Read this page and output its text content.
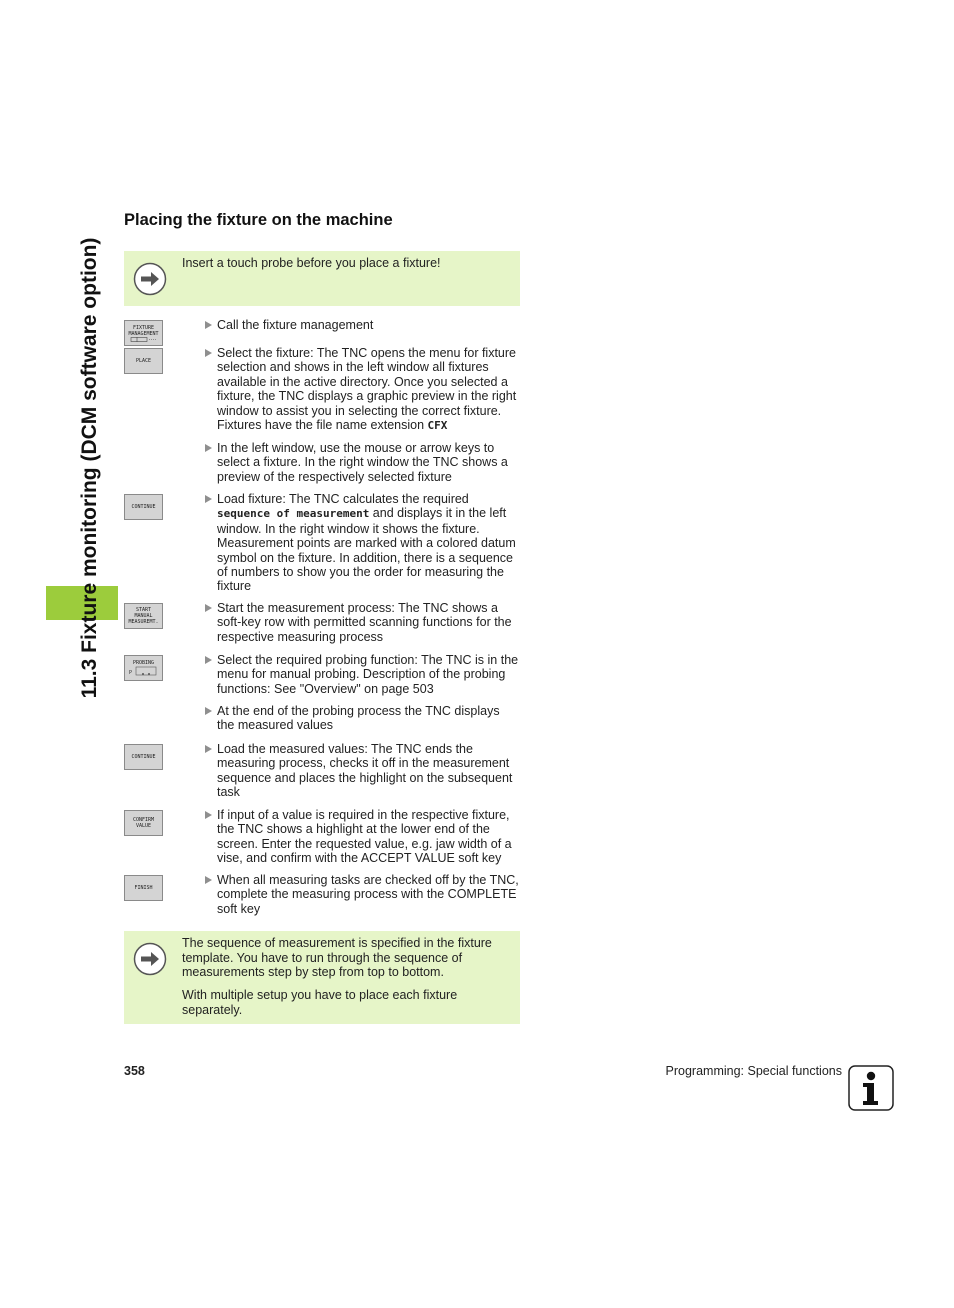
11.3 Fixture monitoring (DCM software option)
Placing the fixture on the machine
Insert a touch probe before you place a fixture!
FIXTURE
MANAGEMENT
PLACE
CONTINUE
START
MANUAL
MEASUREMT.
PROBING
P
CONTINUE
CONFIRM
VALUE
FINISH
Call the fixture management
Select the fixture: The TNC opens the menu for fixture selection and shows in the left window all fixtures available in the active directory. Once you selected a fixture, the TNC displays a graphic preview in the right window to assist you in selecting the correct fixture. Fixtures have the file name extension CFX
In the left window, use the mouse or arrow keys to select a fixture. In the right window the TNC shows a preview of the respectively selected fixture
Load fixture: The TNC calculates the required sequence of measurement and displays it in the left window. In the right window it shows the fixture. Measurement points are marked with a colored datum symbol on the fixture. In addition, there is a sequence of numbers to show you the order for measuring the fixture
Start the measurement process: The TNC shows a soft-key row with permitted scanning functions for the respective measuring process
Select the required probing function: The TNC is in the menu for manual probing. Description of the probing functions: See "Overview" on page 503
At the end of the probing process the TNC displays the measured values
Load the measured values: The TNC ends the measuring process, checks it off in the measurement sequence and places the highlight on the subsequent task
If input of a value is required in the respective fixture, the TNC shows a highlight at the lower end of the screen. Enter the requested value, e.g. jaw width of a vise, and confirm with the ACCEPT VALUE soft key
When all measuring tasks are checked off by the TNC, complete the measuring process with the COMPLETE soft key
The sequence of measurement is specified in the fixture template. You have to run through the sequence of measurements step by step from top to bottom.
With multiple setup you have to place each fixture separately.
358	Programming: Special functions
